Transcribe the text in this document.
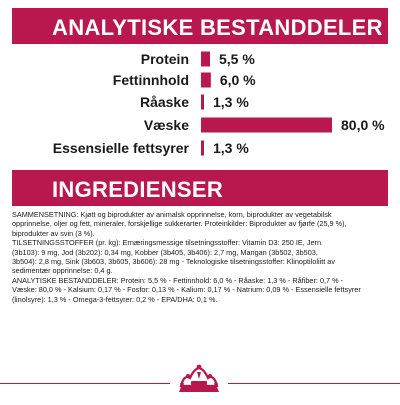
ANALYTISKE BESTANDDELER
Protein 5,5 %
Fettinnhold 6,0 %
Råaske 1,3 %
Væske	80,0 %
Essensielle fettsyrer 1,3 %
INGREDIENSER

SAMMENSETNING: Kjøtt og biprodukter av animalsk opprinnelse, korn, biprodukter av vegetabilsk

opprinnelse, oljer og fett, mineraler, forskjellige sukkerarter. Proteinkilder: Biprodukter av fjørfe (25,9 %),

biprodukter av svin (3 %).

TILSETNINGSSTOFFER (pr. kg): Ernæringsmessige tilsetningsstoffer: Vitamin D3: 250 IE, Jern

(3b103): 9 mg, Jod (3b202): 0,34 mg, Kobber (3b405, 3b406): 2,7 mg, Mangan (3b502, 3b503,

3b504): 2,8 mg, Sink (3b603, 3b605, 3b606): 28 mg - Teknologiske tilsetningsstoffer: Klinoptiloliitt av

sedimentær opprinnelse: 0,4 g.

ANALYTISKE BESTANDDELER: Protein: 5,5 % - Fettinnhold: 6,0 % - Råaske: 1,3 % - Råfiber: 0,7 % -

Væske: 80,0 % - Kalsium: 0,17 % - Fosfor: 0,13 % - Kalium: 0,17 % - Natrium: 0,09 % - Essensielle fettsyrer

(linolsyre): 1,3 % - Omega-3-fettsyrer: 0,2 % - EPA/DHA: 0,1 %.
